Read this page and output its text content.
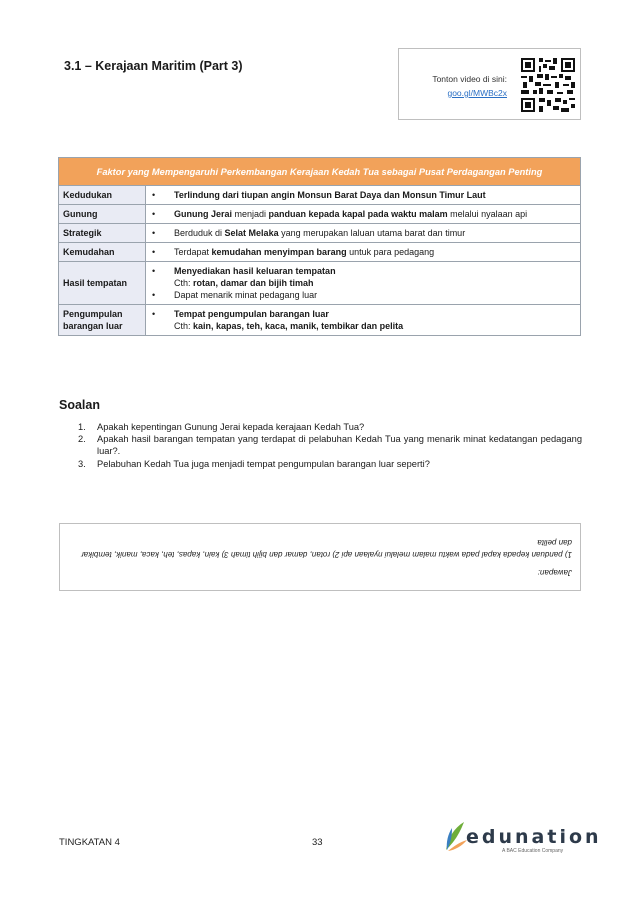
3.1 – Kerajaan Maritim (Part 3)
Tonton video di sini:
goo.gl/MWBc2x
Faktor yang Mempengaruhi Perkembangan Kerajaan Kedah Tua sebagai Pusat Perdagangan Penting	
Kedudukan	• Terlindung dari tiupan angin Monsun Barat Daya dan Monsun Timur Laut

Gunung	• Gunung Jerai menjadi panduan kepada kapal pada waktu malam melalui nyalaan api

Strategik	• Berduduk di Selat Melaka yang merupakan laluan utama barat dan timur

Kemudahan	• Terdapat kemudahan menyimpan barang untuk para pedagang

Hasil tempatan	• Menyediakan hasil keluaran tempatan
Cth: rotan, damar dan bijih timah
• Dapat menarik minat pedagang luar

Pengumpulan barangan luar	• Tempat pengumpulan barangan luar
Cth: kain, kapas, teh, kaca, manik, tembikar dan pelita
Soalan
1.	Apakah kepentingan Gunung Jerai kepada kerajaan Kedah Tua?
2.	Apakah hasil barangan tempatan yang terdapat di pelabuhan Kedah Tua yang menarik minat kedatangan pedagang luar?.
3.	Pelabuhan Kedah Tua juga menjadi tempat pengumpulan barangan luar seperti?
Jawapan:
1) panduan kepada kapal pada waktu malam melalui nyalaan api 2) rotan, damar dan bijih timah 3) kain, kapas, teh, kaca, manik, tembikar dan pelita
TINGKATAN 4	33	edunation
A BAC Education Company
